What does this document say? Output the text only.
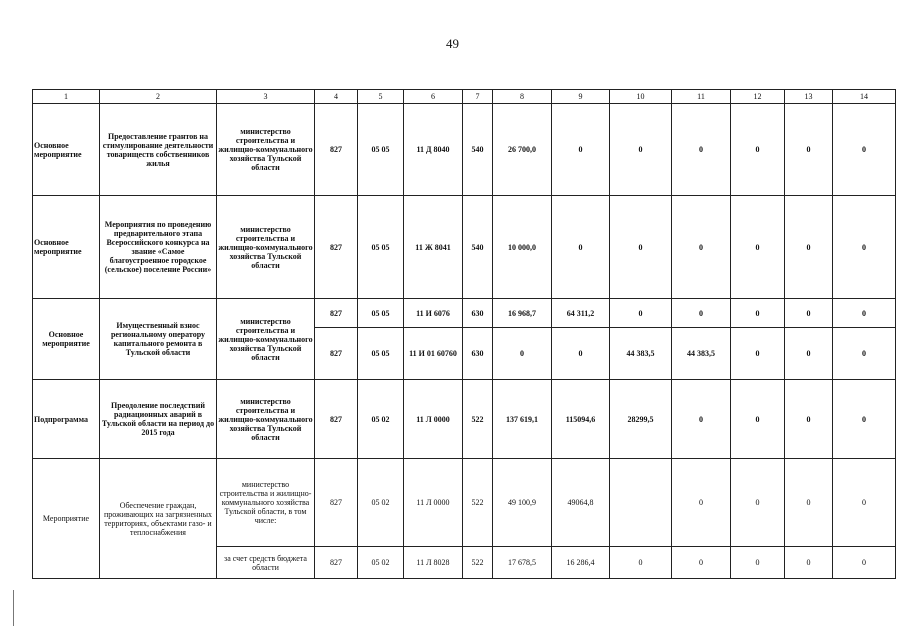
49
1	2	3	4	5	6	7	8	9	10	11	12	13	14
Основное мероприятие	Предоставление грантов на стимулирование деятельности товариществ собственников жилья	министерство строительства и жилищно-коммунального хозяйства Тульской области	827	05 05	11 Д 8040	540	26 700,0	0	0	0	0	0	0
Основное мероприятие	Мероприятия по проведению предварительного этапа Всероссийского конкурса на звание «Самое благоустроенное городское (сельское) поселение России»	министерство строительства и жилищно-коммунального хозяйства Тульской области	827	05 05	11 Ж 8041	540	10 000,0	0	0	0	0	0	0
Основное мероприятие	Имущественный взнос региональному оператору капитального ремонта в Тульской области	министерство строительства и жилищно-коммунального хозяйства Тульской области	827	05 05	11 И 6076	630	16 968,7	64 311,2	0	0	0	0	0
			827	05 05	11 И 01 60760	630	0	0	44 383,5	44 383,5	0	0	0
Подпрограмма	Преодоление последствий радиационных аварий в Тульской области на период до 2015 года	министерство строительства и жилищно-коммунального хозяйства Тульской области	827	05 02	11 Л 0000	522	137 619,1	115094,6	28299,5	0	0	0	0
Мероприятие	Обеспечение граждан, проживающих на загрязненных территориях, объектами газо- и теплоснабжения	министерство строительства и жилищно-коммунального хозяйства Тульской области, в том числе:	827	05 02	11 Л 0000	522	49 100,9	49064,8		0	0	0	0
		за счет средств бюджета области	827	05 02	11 Л 8028	522	17 678,5	16 286,4	0	0	0	0	0
